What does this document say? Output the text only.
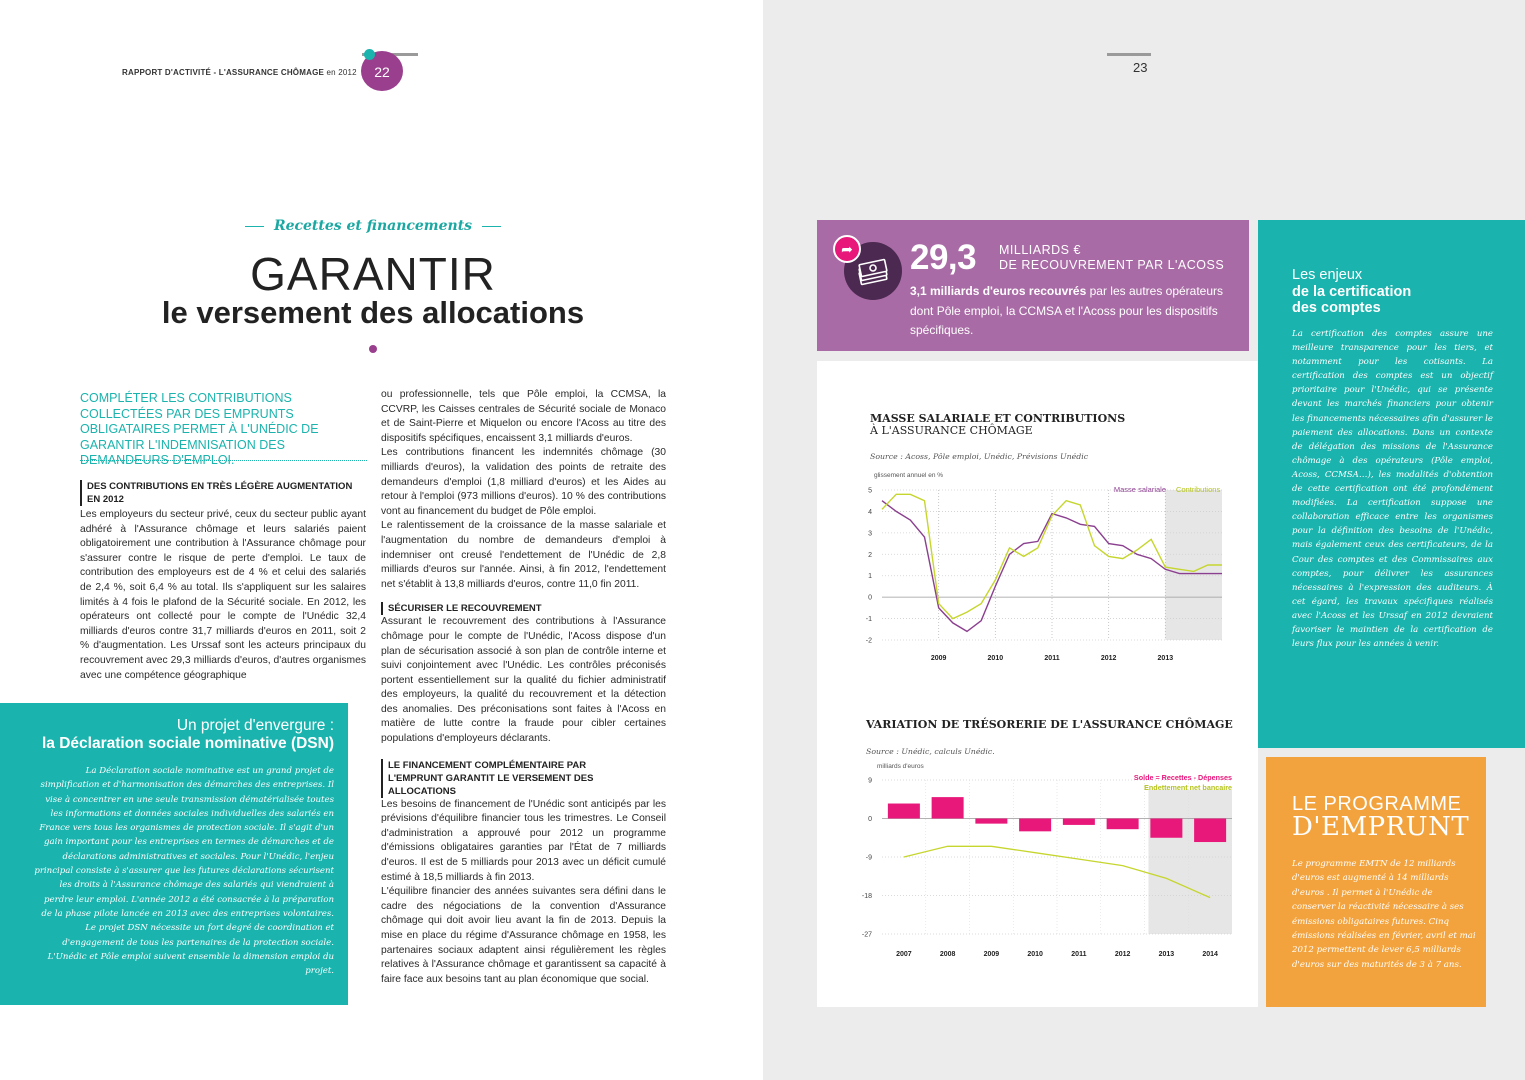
RAPPORT D'ACTIVITÉ - L'ASSURANCE CHÔMAGE en 2012	22	23
Recettes et financements
GARANTIR
le versement des allocations
COMPLÉTER LES CONTRIBUTIONS COLLECTÉES PAR DES EMPRUNTS OBLIGATAIRES PERMET À L'UNÉDIC DE GARANTIR L'INDEMNISATION DES DEMANDEURS D'EMPLOI.
DES CONTRIBUTIONS EN TRÈS LÉGÈRE AUGMENTATION EN 2012
Les employeurs du secteur privé, ceux du secteur public ayant adhéré à l'Assurance chômage et leurs salariés paient obligatoirement une contribution à l'Assurance chômage pour s'assurer contre le risque de perte d'emploi. Le taux de contribution des employeurs est de 4 % et celui des salariés de 2,4 %, soit 6,4 % au total. Ils s'appliquent sur les salaires limités à 4 fois le plafond de la Sécurité sociale. En 2012, les opérateurs ont collecté pour le compte de l'Unédic 32,4 milliards d'euros contre 31,7 milliards d'euros en 2011, soit 2 % d'augmentation. Les Urssaf sont les acteurs principaux du recouvrement avec 29,3 milliards d'euros, d'autres organismes avec une compétence géographique
ou professionnelle, tels que Pôle emploi, la CCMSA, la CCVRP, les Caisses centrales de Sécurité sociale de Monaco et de Saint-Pierre et Miquelon ou encore l'Acoss au titre des dispositifs spécifiques, encaissent 3,1 milliards d'euros.
Les contributions financent les indemnités chômage (30 milliards d'euros), la validation des points de retraite des demandeurs d'emploi (1,8 milliard d'euros) et les Aides au retour à l'emploi (973 millions d'euros). 10 % des contributions vont au financement du budget de Pôle emploi.
Le ralentissement de la croissance de la masse salariale et l'augmentation du nombre de demandeurs d'emploi à indemniser ont creusé l'endettement de l'Unédic de 2,8 milliards d'euros sur l'année. Ainsi, à fin 2012, l'endettement net s'établit à 13,8 milliards d'euros, contre 11,0 fin 2011.
SÉCURISER LE RECOUVREMENT
Assurant le recouvrement des contributions à l'Assurance chômage pour le compte de l'Unédic, l'Acoss dispose d'un plan de sécurisation associé à son plan de contrôle interne et suivi conjointement avec l'Unédic. Les contrôles préconisés portent essentiellement sur la qualité du fichier administratif des employeurs, la qualité du recouvrement et la détection des anomalies. Des préconisations sont faites à l'Acoss en matière de lutte contre la fraude pour cibler certaines populations d'employeurs déclarants.
LE FINANCEMENT COMPLÉMENTAIRE PAR L'EMPRUNT GARANTIT LE VERSEMENT DES ALLOCATIONS
Les besoins de financement de l'Unédic sont anticipés par les prévisions d'équilibre financier tous les trimestres. Le Conseil d'administration a approuvé pour 2012 un programme d'émissions obligataires garanties par l'État de 7 milliards d'euros. Il est de 5 milliards pour 2013 avec un déficit cumulé estimé à 18,5 milliards à fin 2013.
L'équilibre financier des années suivantes sera défini dans le cadre des négociations de la convention d'Assurance chômage qui doit avoir lieu avant la fin de 2013. Depuis la mise en place du régime d'Assurance chômage en 1958, les partenaires sociaux adaptent ainsi régulièrement les règles relatives à l'Assurance chômage et garantissent sa capacité à faire face aux besoins tant au plan économique que social.
Un projet d'envergure :
la Déclaration sociale nominative (DSN)
La Déclaration sociale nominative est un grand projet de simplification et d'harmonisation des démarches des entreprises. Il vise à concentrer en une seule transmission dématérialisée toutes les informations et données sociales individuelles des salariés en France vers tous les organismes de protection sociale. Il s'agit d'un gain important pour les entreprises en termes de démarches et de déclarations administratives et sociales. Pour l'Unédic, l'enjeu principal consiste à s'assurer que les futures déclarations sécurisent les droits à l'Assurance chômage des salariés qui viendraient à perdre leur emploi. L'année 2012 a été consacrée à la préparation de la phase pilote lancée en 2013 avec des entreprises volontaires. Le projet DSN nécessite un fort degré de coordination et d'engagement de tous les partenaires de la protection sociale. L'Unédic et Pôle emploi suivent ensemble la dimension emploi du projet.
➦ 29,3 MILLIARDS €
DE RECOUVREMENT PAR L'ACOSS
3,1 milliards d'euros recouvrés par les autres opérateurs dont Pôle emploi, la CCMSA et l'Acoss pour les dispositifs spécifiques.
MASSE SALARIALE ET CONTRIBUTIONS
À L'ASSURANCE CHÔMAGE
Source : Acoss, Pôle emploi, Unédic, Prévisions Unédic
glissement annuel en %
5
4
3
2
1
0
-1
-2
2009	2010	2011	2012	2013
Masse salariale Contributions
VARIATION DE TRÉSORERIE DE L'ASSURANCE CHÔMAGE
Source : Unédic, calculs Unédic.
milliards d'euros
9
0
-9
-18
-27
2007	2008	2009	2010	2011	2012	2013	2014
Solde = Recettes - Dépenses
Endettement net bancaire
Les enjeux
de la certification
des comptes
La certification des comptes assure une meilleure transparence pour les tiers, et notamment pour les cotisants. La certification des comptes est un objectif prioritaire pour l'Unédic, qui se présente devant les marchés financiers pour obtenir les financements nécessaires afin d'assurer le paiement des allocations. Dans un contexte de délégation des missions de l'Assurance chômage à des opérateurs (Pôle emploi, Acoss, CCMSA…), les modalités d'obtention de cette certification ont été profondément modifiées. La certification suppose une collaboration efficace entre les organismes pour la définition des besoins de l'Unédic, mais également ceux des certificateurs, de la Cour des comptes et des Commissaires aux comptes, pour délivrer les assurances nécessaires à l'expression des auditeurs. À cet égard, les travaux spécifiques réalisés avec l'Acoss et les Urssaf en 2012 devraient favoriser le maintien de la certification de leurs flux pour les années à venir.
LE PROGRAMME
D'EMPRUNT
Le programme EMTN de 12 milliards d'euros est augmenté à 14 milliards d'euros . Il permet à l'Unédic de conserver la réactivité nécessaire à ses émissions obligataires futures. Cinq émissions réalisées en février, avril et mai 2012 permettent de lever 6,5 milliards d'euros sur des maturités de 3 à 7 ans.
